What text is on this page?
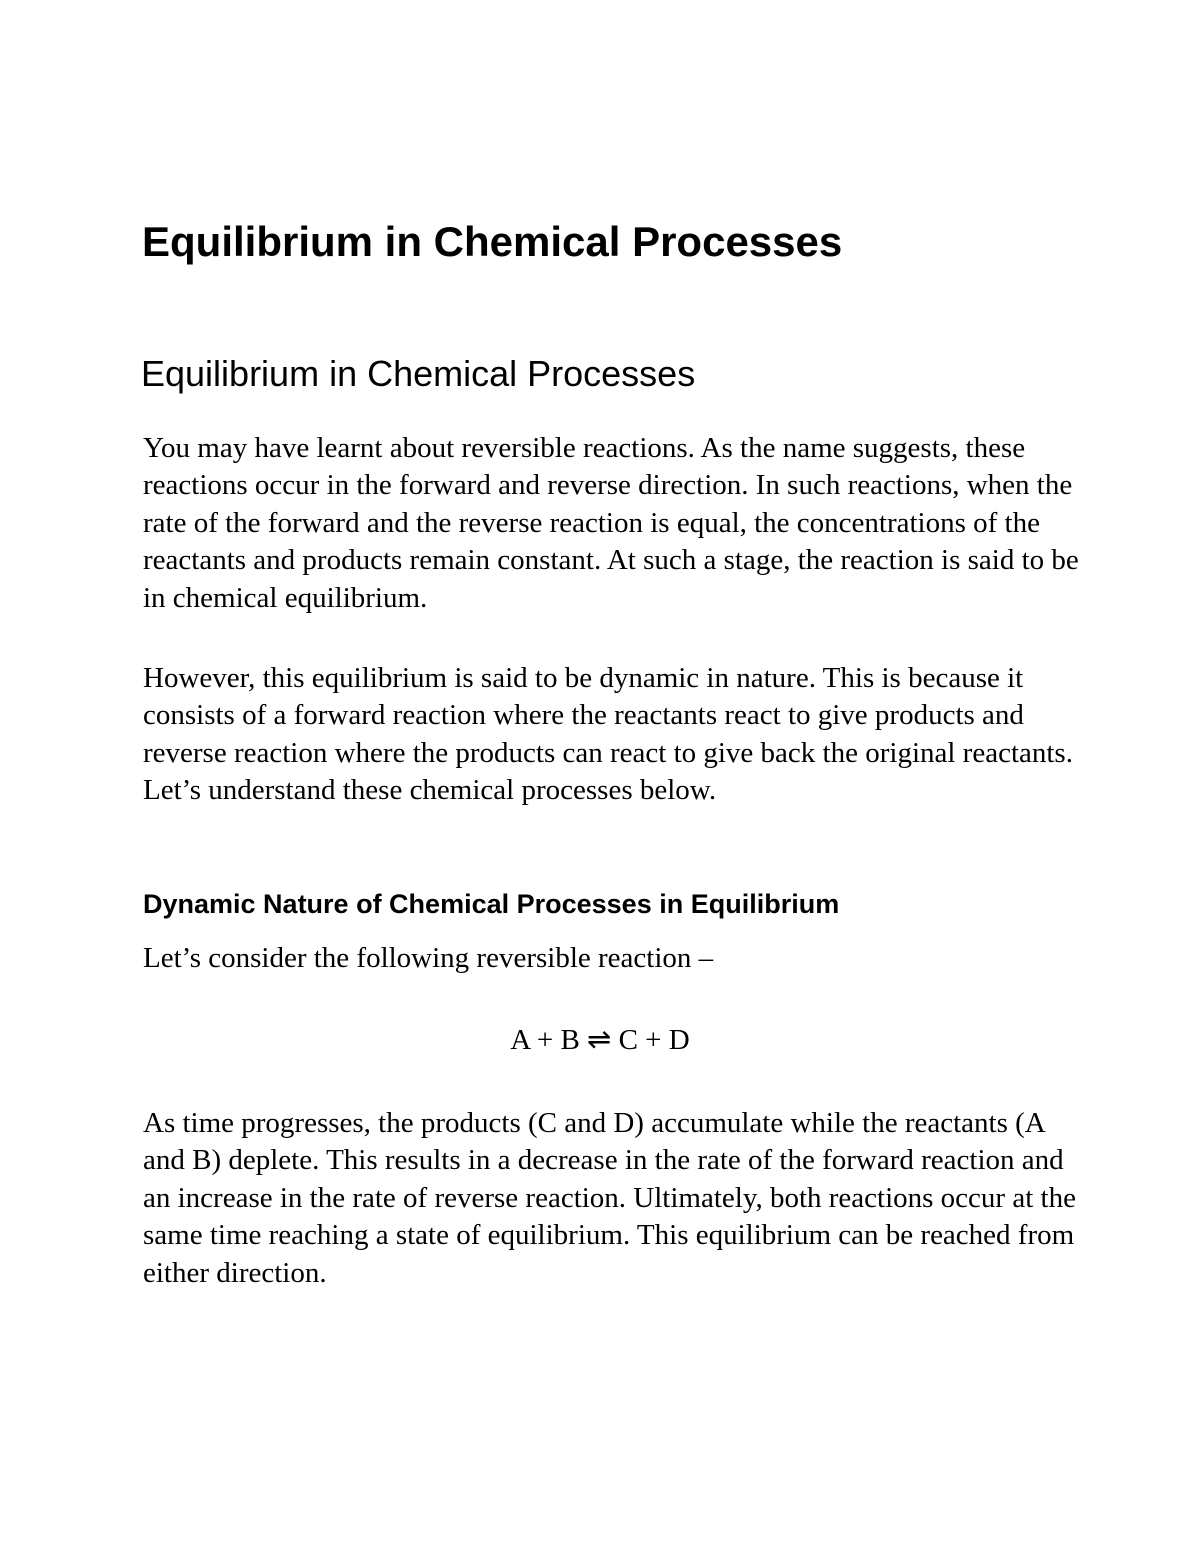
Equilibrium in Chemical Processes
Equilibrium in Chemical Processes

You may have learnt about reversible reactions. As the name suggests, these reactions occur in the forward and reverse direction. In such reactions, when the rate of the forward and the reverse reaction is equal, the concentrations of the reactants and products remain constant. At such a stage, the reaction is said to be in chemical equilibrium.

However, this equilibrium is said to be dynamic in nature. This is because it consists of a forward reaction where the reactants react to give products and reverse reaction where the products can react to give back the original reactants. Let’s understand these chemical processes below.

Dynamic Nature of Chemical Processes in Equilibrium

Let’s consider the following reversible reaction –

A + B ⇌ C + D

As time progresses, the products (C and D) accumulate while the reactants (A and B) deplete. This results in a decrease in the rate of the forward reaction and an increase in the rate of reverse reaction. Ultimately, both reactions occur at the same time reaching a state of equilibrium. This equilibrium can be reached from either direction.
